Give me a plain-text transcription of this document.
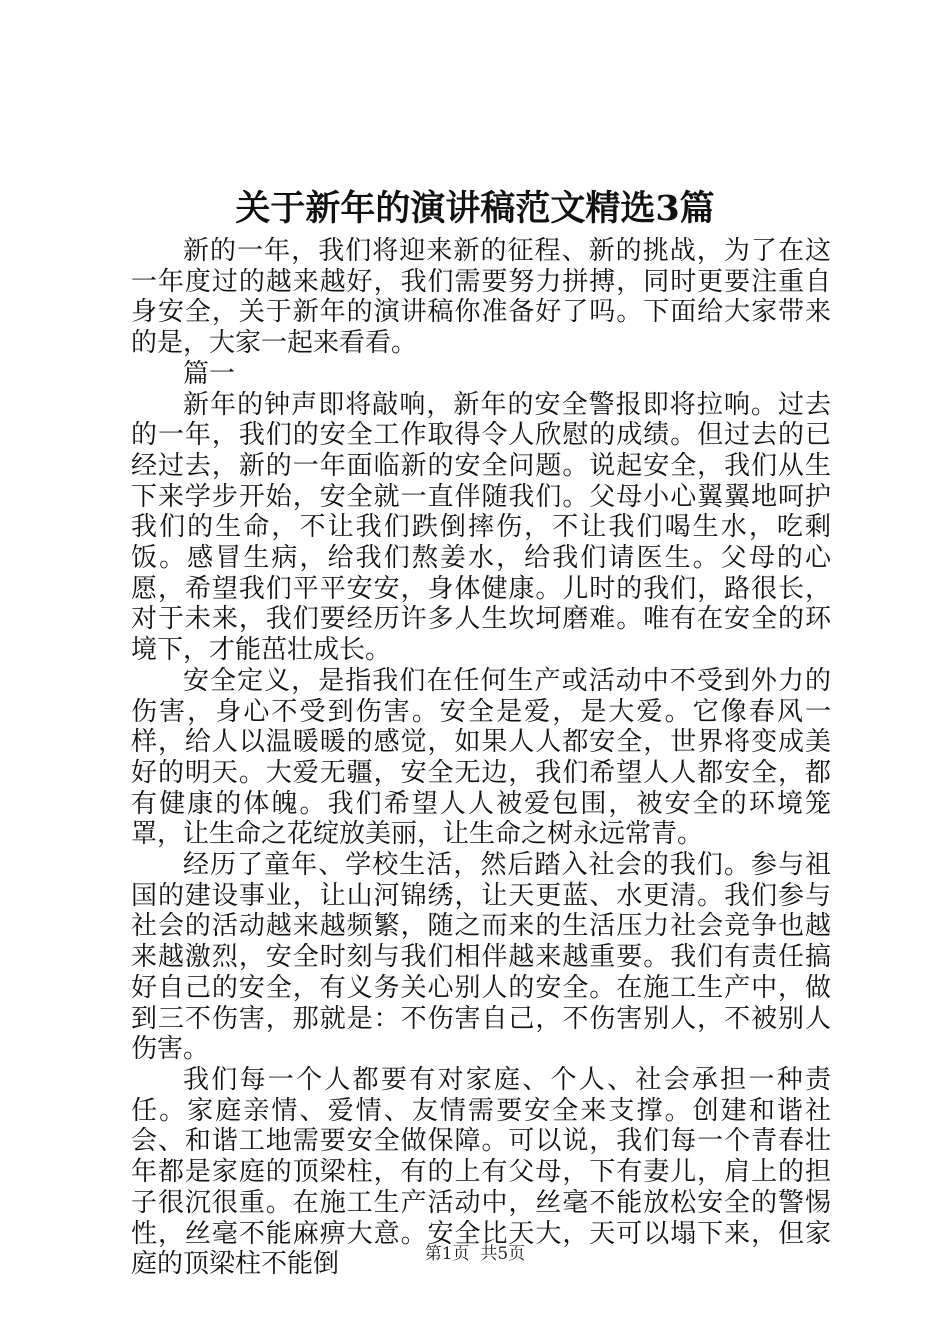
关于新年的演讲稿范文精选3篇

新的一年，我们将迎来新的征程、新的挑战，为了在这一年度过的越来越好，我们需要努力拼搏，同时更要注重自身安全，关于新年的演讲稿你准备好了吗。下面给大家带来的是，大家一起来看看。

篇一

新年的钟声即将敲响，新年的安全警报即将拉响。过去的一年，我们的安全工作取得令人欣慰的成绩。但过去的已经过去，新的一年面临新的安全问题。说起安全，我们从生下来学步开始，安全就一直伴随我们。父母小心翼翼地呵护我们的生命，不让我们跌倒摔伤，不让我们喝生水，吃剩饭。感冒生病，给我们熬姜水，给我们请医生。父母的心愿，希望我们平平安安，身体健康。儿时的我们，路很长，对于未来，我们要经历许多人生坎坷磨难。唯有在安全的环境下，才能茁壮成长。

安全定义，是指我们在任何生产或活动中不受到外力的伤害，身心不受到伤害。安全是爱，是大爱。它像春风一样，给人以温暖暖的感觉，如果人人都安全，世界将变成美好的明天。大爱无疆，安全无边，我们希望人人都安全，都有健康的体魄。我们希望人人被爱包围，被安全的环境笼罩，让生命之花绽放美丽，让生命之树永远常青。

经历了童年、学校生活，然后踏入社会的我们。参与祖国的建设事业，让山河锦绣，让天更蓝、水更清。我们参与社会的活动越来越频繁，随之而来的生活压力社会竞争也越来越激烈，安全时刻与我们相伴越来越重要。我们有责任搞好自己的安全，有义务关心别人的安全。在施工生产中，做到三不伤害，那就是：不伤害自己，不伤害别人，不被别人伤害。

我们每一个人都要有对家庭、个人、社会承担一种责任。家庭亲情、爱情、友情需要安全来支撑。创建和谐社会、和谐工地需要安全做保障。可以说，我们每一个青春壮年都是家庭的顶梁柱，有的上有父母，下有妻儿，肩上的担子很沉很重。在施工生产活动中，丝毫不能放松安全的警惕性，丝毫不能麻痹大意。安全比天大，天可以塌下来，但家庭的顶梁柱不能倒	第1页 共5页
